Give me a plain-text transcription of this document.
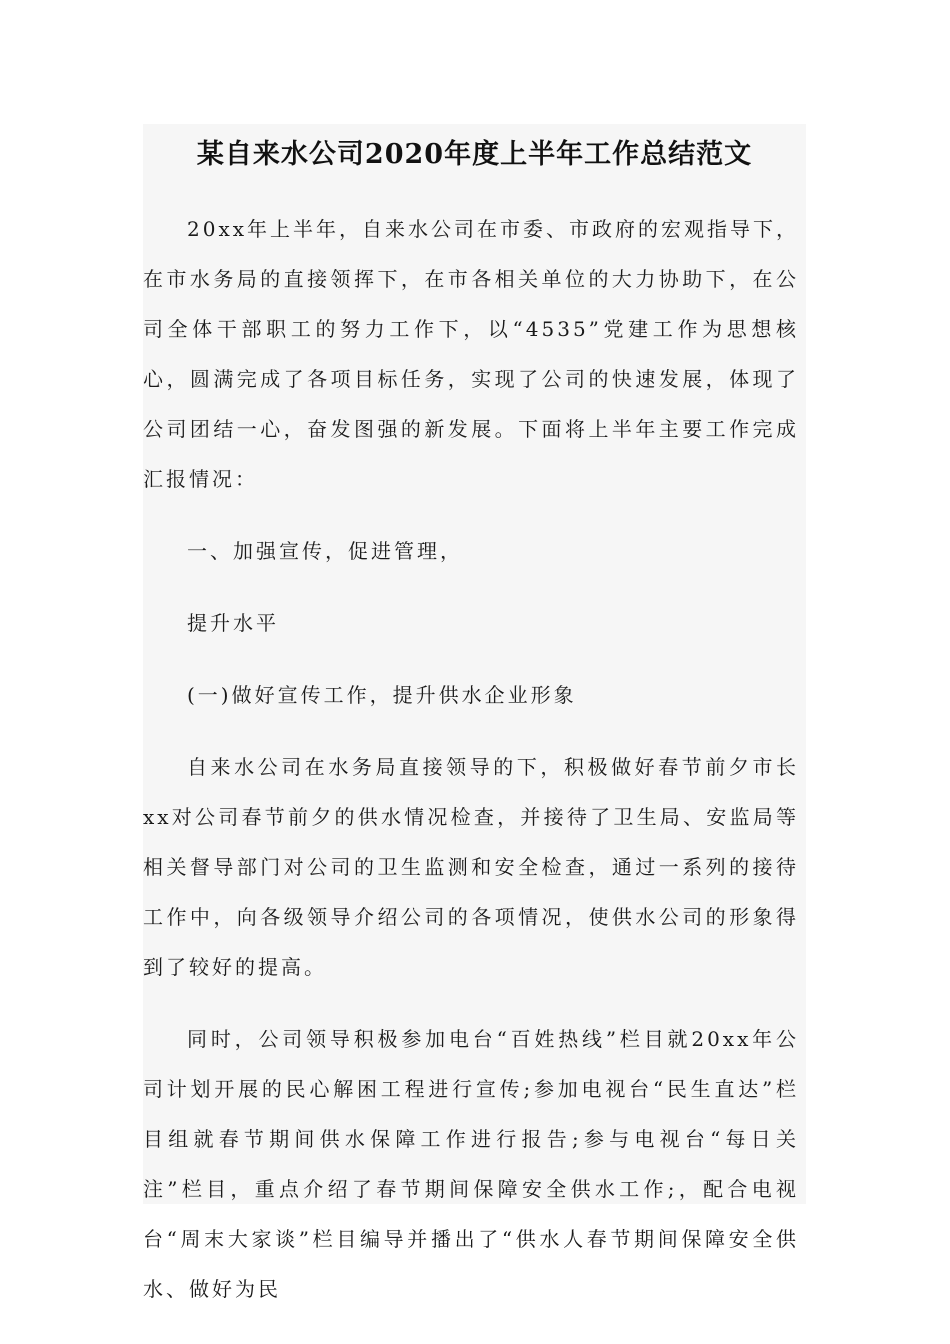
某自来水公司2020年度上半年工作总结范文

20xx年上半年，自来水公司在市委、市政府的宏观指导下，在市水务局的直接领挥下，在市各相关单位的大力协助下，在公司全体干部职工的努力工作下，以“4535”党建工作为思想核心，圆满完成了各项目标任务，实现了公司的快速发展，体现了公司团结一心，奋发图强的新发展。下面将上半年主要工作完成汇报情况：

一、加强宣传，促进管理，

提升水平

(一)做好宣传工作，提升供水企业形象

自来水公司在水务局直接领导的下，积极做好春节前夕市长xx对公司春节前夕的供水情况检查，并接待了卫生局、安监局等相关督导部门对公司的卫生监测和安全检查，通过一系列的接待工作中，向各级领导介绍公司的各项情况，使供水公司的形象得到了较好的提高。

同时，公司领导积极参加电台“百姓热线”栏目就20xx年公司计划开展的民心解困工程进行宣传;参加电视台“民生直达”栏目组就春节期间供水保障工作进行报告;参与电视台“每日关注”栏目，重点介绍了春节期间保障安全供水工作;，配合电视台“周末大家谈”栏目编导并播出了“供水人春节期间保障安全供水、做好为民
